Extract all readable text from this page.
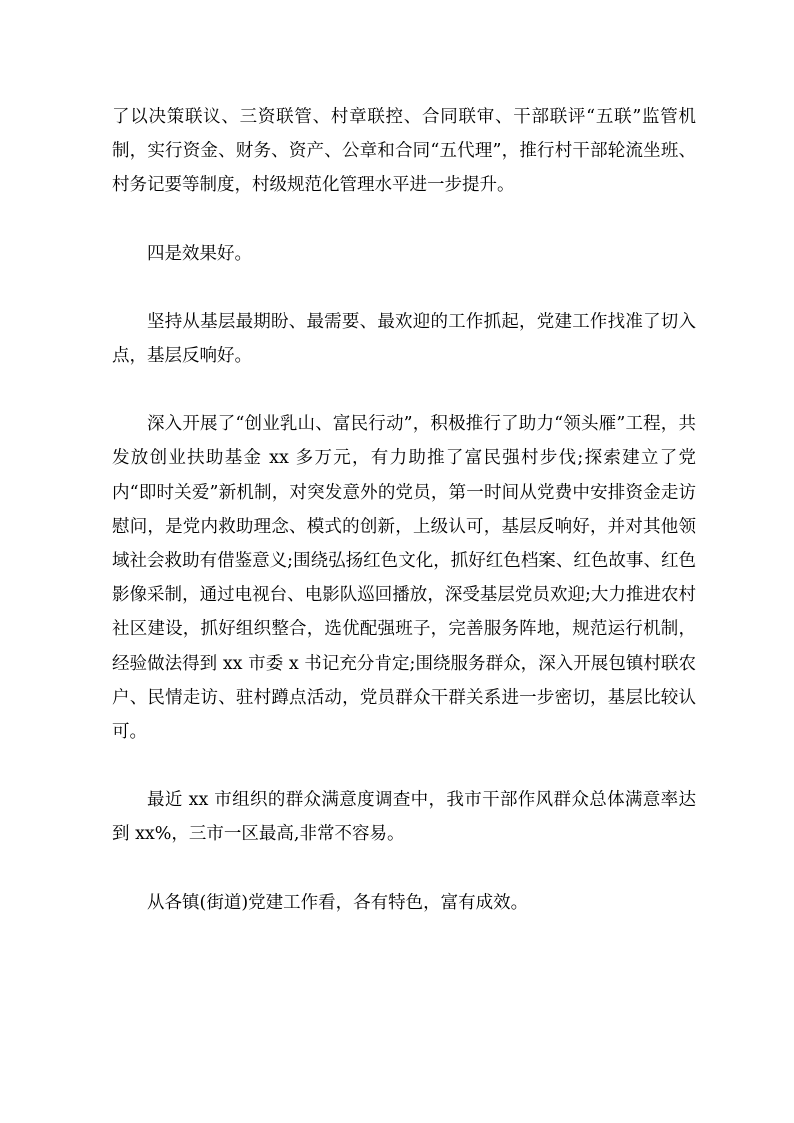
了以决策联议、三资联管、村章联控、合同联审、干部联评“五联”监管机制，实行资金、财务、资产、公章和合同“五代理”，推行村干部轮流坐班、村务记要等制度，村级规范化管理水平进一步提升。

四是效果好。

坚持从基层最期盼、最需要、最欢迎的工作抓起，党建工作找准了切入点，基层反响好。

深入开展了“创业乳山、富民行动”，积极推行了助力“领头雁”工程，共发放创业扶助基金 xx 多万元，有力助推了富民强村步伐;探索建立了党内“即时关爱”新机制，对突发意外的党员，第一时间从党费中安排资金走访慰问，是党内救助理念、模式的创新，上级认可，基层反响好，并对其他领域社会救助有借鉴意义;围绕弘扬红色文化，抓好红色档案、红色故事、红色影像采制，通过电视台、电影队巡回播放，深受基层党员欢迎;大力推进农村社区建设，抓好组织整合，选优配强班子，完善服务阵地，规范运行机制，经验做法得到 xx 市委 x 书记充分肯定;围绕服务群众，深入开展包镇村联农户、民情走访、驻村蹲点活动，党员群众干群关系进一步密切，基层比较认可。

最近 xx 市组织的群众满意度调查中，我市干部作风群众总体满意率达到 xx%，三市一区最高,非常不容易。

从各镇(街道)党建工作看，各有特色，富有成效。
